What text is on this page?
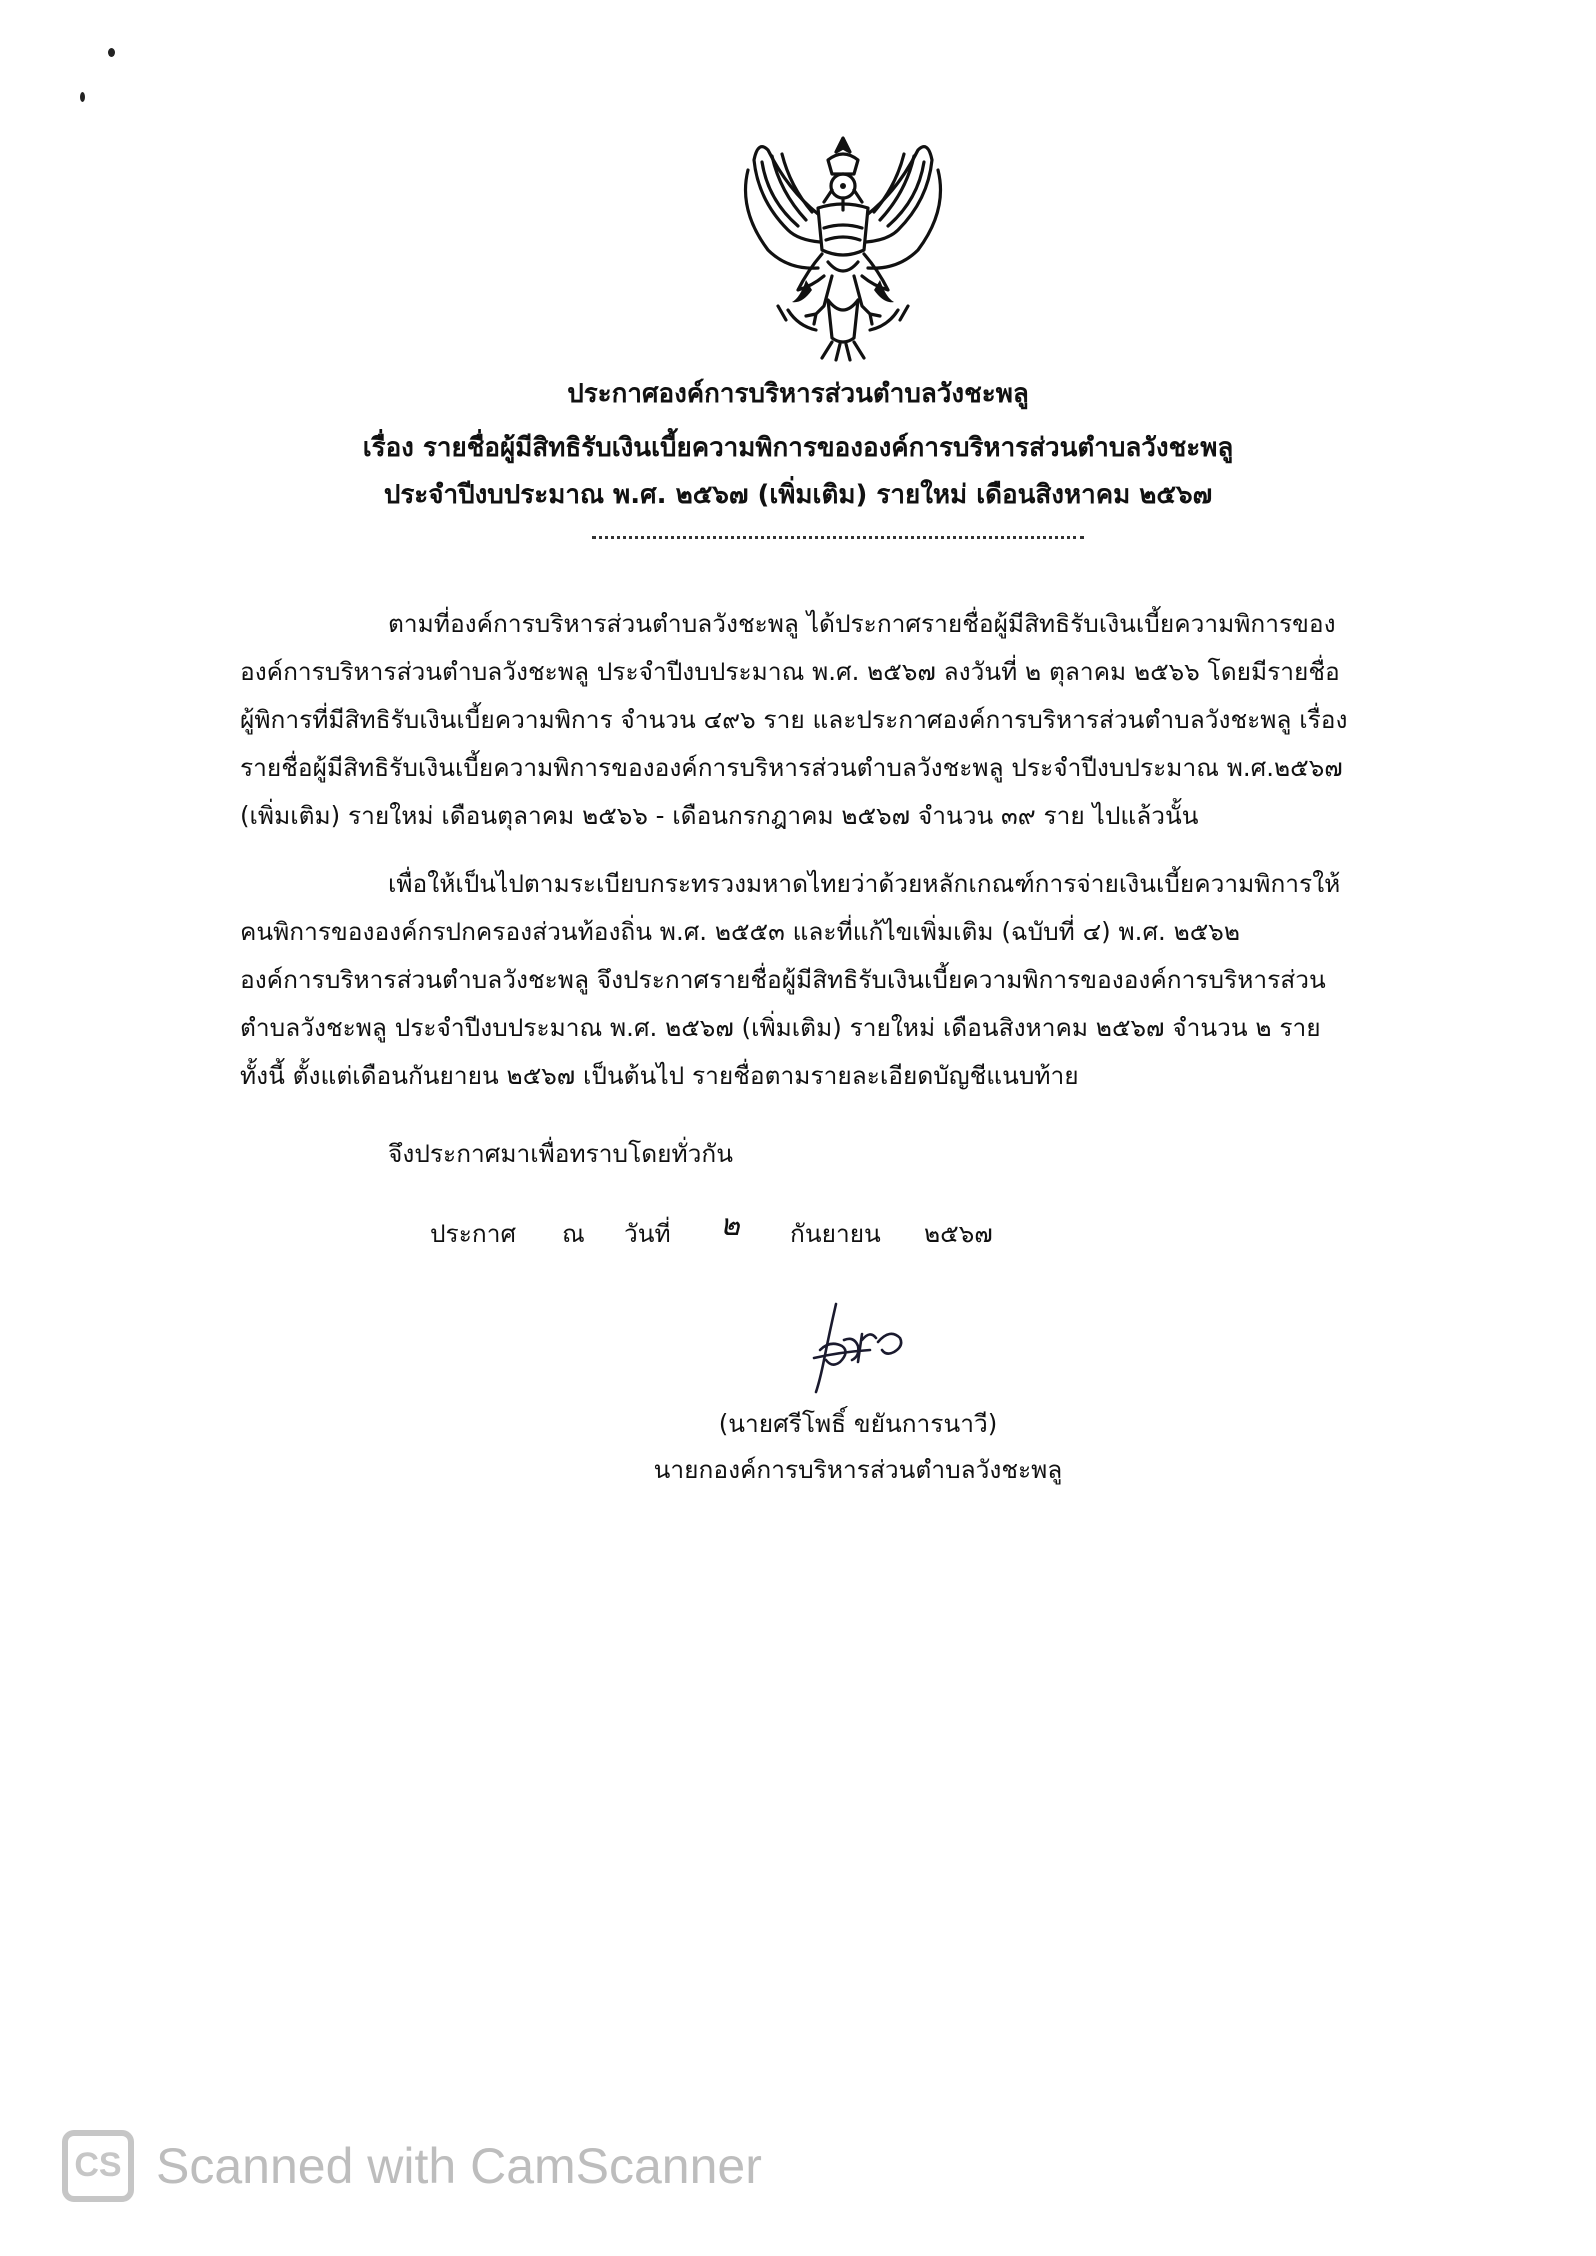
ประกาศองค์การบริหารส่วนตำบลวังชะพลู
เรื่อง รายชื่อผู้มีสิทธิรับเงินเบี้ยความพิการขององค์การบริหารส่วนตำบลวังชะพลู
ประจำปีงบประมาณ พ.ศ. ๒๕๖๗ (เพิ่มเติม) รายใหม่ เดือนสิงหาคม ๒๕๖๗

ตามที่องค์การบริหารส่วนตำบลวังชะพลู ได้ประกาศรายชื่อผู้มีสิทธิรับเงินเบี้ยความพิการของ
องค์การบริหารส่วนตำบลวังชะพลู ประจำปีงบประมาณ พ.ศ. ๒๕๖๗ ลงวันที่ ๒ ตุลาคม ๒๕๖๖ โดยมีรายชื่อ
ผู้พิการที่มีสิทธิรับเงินเบี้ยความพิการ จำนวน ๔๙๖ ราย และประกาศองค์การบริหารส่วนตำบลวังชะพลู เรื่อง
รายชื่อผู้มีสิทธิรับเงินเบี้ยความพิการขององค์การบริหารส่วนตำบลวังชะพลู ประจำปีงบประมาณ พ.ศ.๒๕๖๗
(เพิ่มเติม) รายใหม่ เดือนตุลาคม ๒๕๖๖ - เดือนกรกฎาคม ๒๕๖๗ จำนวน ๓๙ ราย ไปแล้วนั้น

เพื่อให้เป็นไปตามระเบียบกระทรวงมหาดไทยว่าด้วยหลักเกณฑ์การจ่ายเงินเบี้ยความพิการให้
คนพิการขององค์กรปกครองส่วนท้องถิ่น พ.ศ. ๒๕๕๓ และที่แก้ไขเพิ่มเติม (ฉบับที่ ๔) พ.ศ. ๒๕๖๒
องค์การบริหารส่วนตำบลวังชะพลู จึงประกาศรายชื่อผู้มีสิทธิรับเงินเบี้ยความพิการขององค์การบริหารส่วน
ตำบลวังชะพลู ประจำปีงบประมาณ พ.ศ. ๒๕๖๗ (เพิ่มเติม) รายใหม่ เดือนสิงหาคม ๒๕๖๗ จำนวน ๒ ราย
ทั้งนี้ ตั้งแต่เดือนกันยายน ๒๕๖๗ เป็นต้นไป รายชื่อตามรายละเอียดบัญชีแนบท้าย

จึงประกาศมาเพื่อทราบโดยทั่วกัน
ประกาศ ณ วันที่ ๒ กันยายน ๒๕๖๗
(นายศรีโพธิ์ ขยันการนาวี)
นายกองค์การบริหารส่วนตำบลวังชะพลู
CS Scanned with CamScanner
